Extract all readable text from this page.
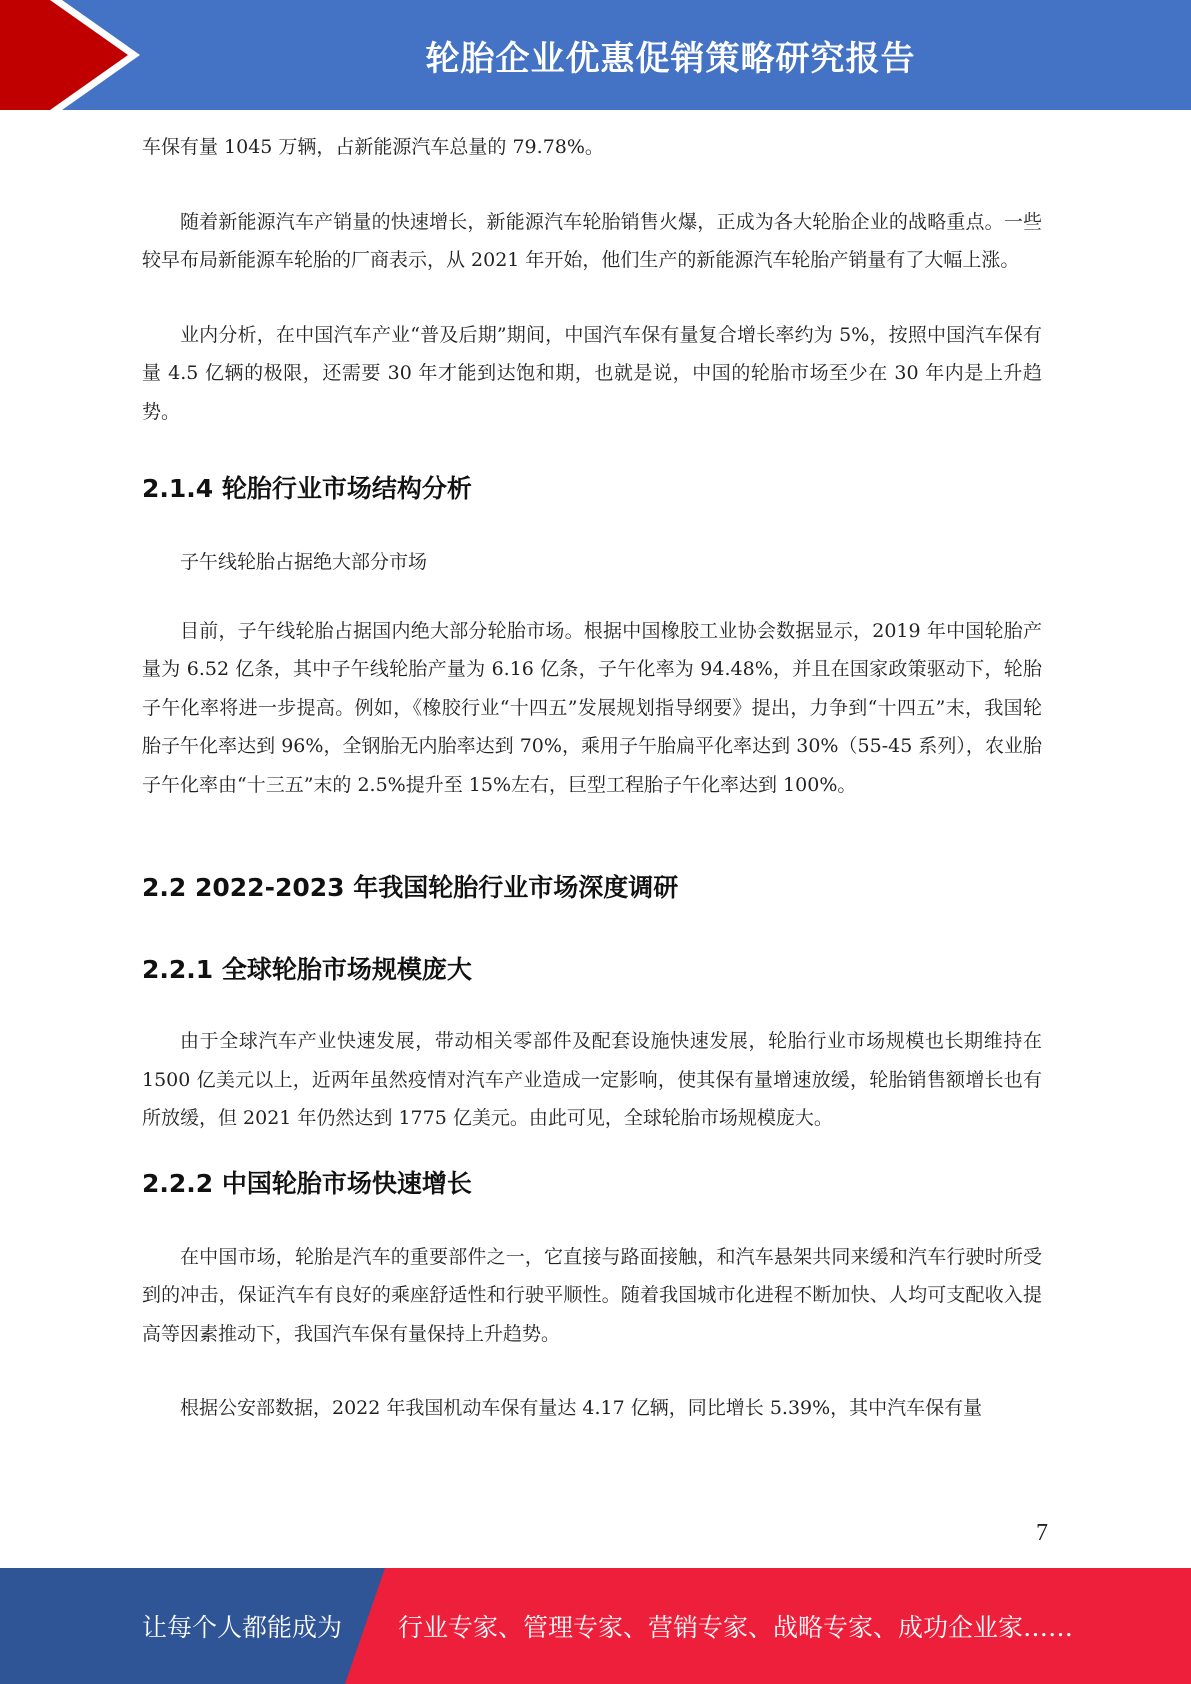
轮胎企业优惠促销策略研究报告

车保有量 1045 万辆，占新能源汽车总量的 79.78%。

随着新能源汽车产销量的快速增长，新能源汽车轮胎销售火爆，正成为各大轮胎企业的战略重点。一些较早布局新能源车轮胎的厂商表示，从 2021 年开始，他们生产的新能源汽车轮胎产销量有了大幅上涨。

业内分析，在中国汽车产业“普及后期”期间，中国汽车保有量复合增长率约为 5%，按照中国汽车保有量 4.5 亿辆的极限，还需要 30 年才能到达饱和期，也就是说，中国的轮胎市场至少在 30 年内是上升趋势。

2.1.4 轮胎行业市场结构分析

子午线轮胎占据绝大部分市场

目前，子午线轮胎占据国内绝大部分轮胎市场。根据中国橡胶工业协会数据显示，2019 年中国轮胎产量为 6.52 亿条，其中子午线轮胎产量为 6.16 亿条，子午化率为 94.48%，并且在国家政策驱动下，轮胎子午化率将进一步提高。例如，《橡胶行业“十四五”发展规划指导纲要》提出，力争到“十四五”末，我国轮胎子午化率达到 96%，全钢胎无内胎率达到 70%，乘用子午胎扁平化率达到 30%（55-45 系列），农业胎子午化率由“十三五”末的 2.5%提升至 15%左右，巨型工程胎子午化率达到 100%。

2.2 2022-2023 年我国轮胎行业市场深度调研
2.2.1 全球轮胎市场规模庞大

由于全球汽车产业快速发展，带动相关零部件及配套设施快速发展，轮胎行业市场规模也长期维持在 1500 亿美元以上，近两年虽然疫情对汽车产业造成一定影响，使其保有量增速放缓，轮胎销售额增长也有所放缓，但 2021 年仍然达到 1775 亿美元。由此可见，全球轮胎市场规模庞大。

2.2.2 中国轮胎市场快速增长

在中国市场，轮胎是汽车的重要部件之一，它直接与路面接触，和汽车悬架共同来缓和汽车行驶时所受到的冲击，保证汽车有良好的乘座舒适性和行驶平顺性。随着我国城市化进程不断加快、人均可支配收入提高等因素推动下，我国汽车保有量保持上升趋势。

根据公安部数据，2022 年我国机动车保有量达 4.17 亿辆，同比增长 5.39%，其中汽车保有量

7
让每个人都能成为 行业专家、管理专家、营销专家、战略专家、成功企业家……
